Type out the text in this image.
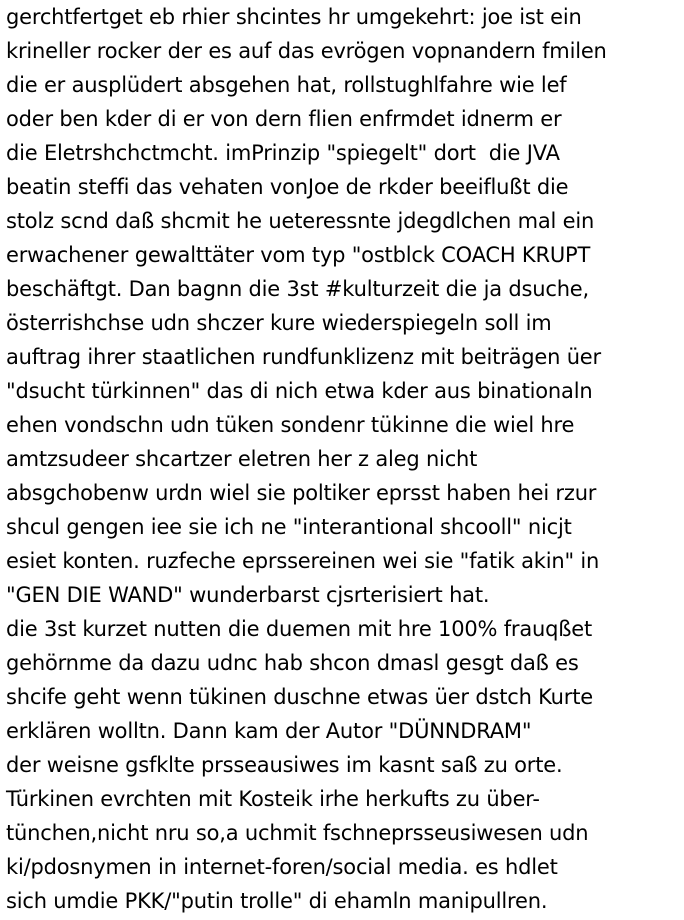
gerchtfertget eb rhier shcintes hr umgekehrt: joe ist ein
krineller rocker der es auf das evrögen vopnandern fmilen
die er ausplüdert absgehen hat, rollstughlfahre wie lef
oder ben kder di er von dern flien enfrmdet idnerm er
die Eletrshchctmcht. imPrinzip "spiegelt" dort  die JVA
beatin steffi das vehaten vonJoe de rkder beeiflußt die
stolz scnd daß shcmit he ueteressnte jdegdlchen mal ein
erwachener gewalttäter vom typ "ostblck COACH KRUPT
beschäftgt. Dan bagnn die 3st #kulturzeit die ja dsuche,
österrishchse udn shczer kure wiederspiegeln soll im
auftrag ihrer staatlichen rundfunklizenz mit beiträgen üer
"dsucht türkinnen" das di nich etwa kder aus binationaln
ehen vondschn udn tüken sondenr tükinne die wiel hre
amtzsudeer shcartzer eletren her z aleg nicht
absgchobenw urdn wiel sie poltiker eprsst haben hei rzur
shcul gengen iee sie ich ne "interantional shcooll" nicjt
esiet konten. ruzfeche eprssereinen wei sie "fatik akin" in
"GEN DIE WAND" wunderbarst cjsrterisiert hat.
die 3st kurzet nutten die duemen mit hre 100% frauqßet
gehörnme da dazu udnc hab shcon dmasl gesgt daß es
shcife geht wenn tükinen duschne etwas üer dstch Kurte
erklären wolltn. Dann kam der Autor "DÜNNDRAM"
der weisne gsfklte prsseausiwes im kasnt saß zu orte.
Türkinen evrchten mit Kosteik irhe herkufts zu über-
tünchen,nicht nru so,a uchmit fschneprsseusiwesen udn
ki/pdosnymen in internet-foren/social media. es hdlet
sich umdie PKK/"putin trolle" di ehamln manipullren.
